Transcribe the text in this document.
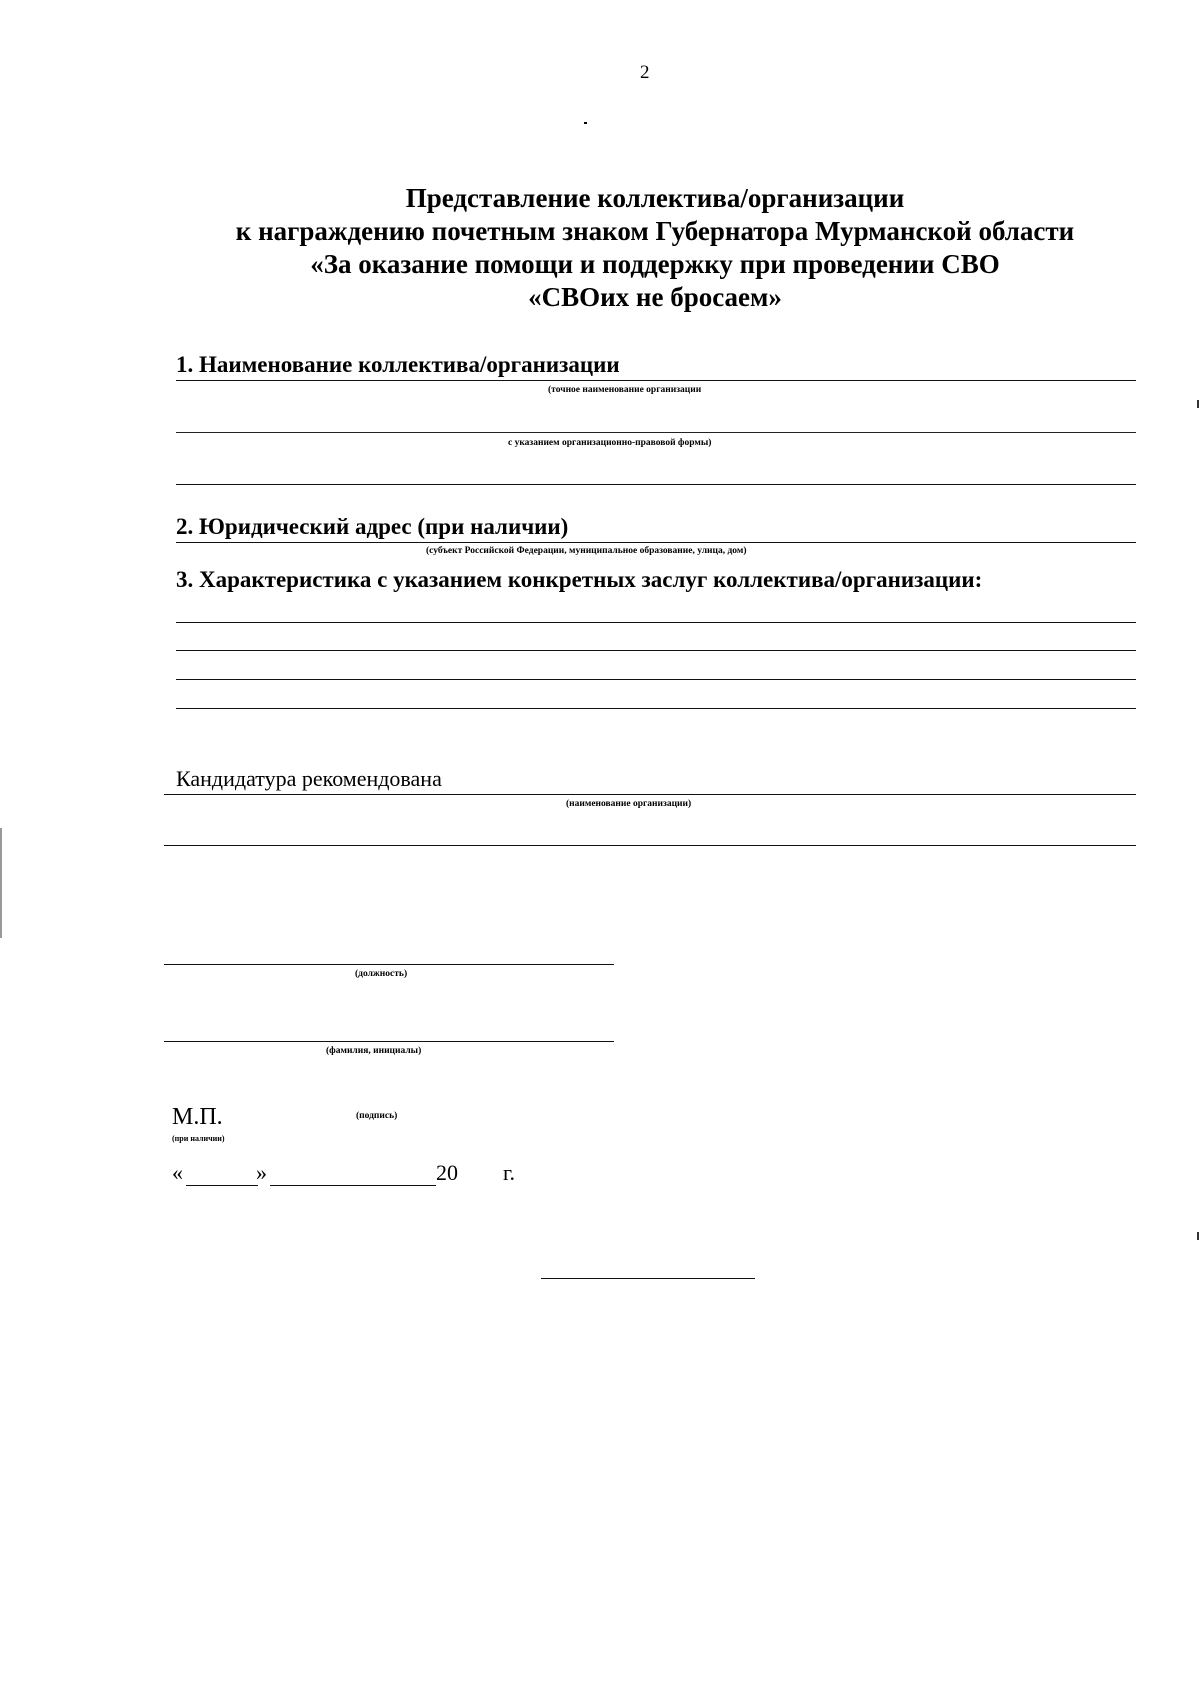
2
Представление коллектива/организации
к награждению почетным знаком Губернатора Мурманской области
«За оказание помощи и поддержку при проведении СВО
«СВОих не бросаем»
1. Наименование коллектива/организации
(точное наименование организации
с указанием организационно-правовой формы)
2. Юридический адрес (при наличии)
(субъект Российской Федерации, муниципальное образование, улица, дом)
3. Характеристика с указанием конкретных заслуг коллектива/организации:
Кандидатура рекомендована
(наименование организации)
(должность)
(фамилия, инициалы)
М.П.
(при наличии)
(подпись)
«	»	20 г.
